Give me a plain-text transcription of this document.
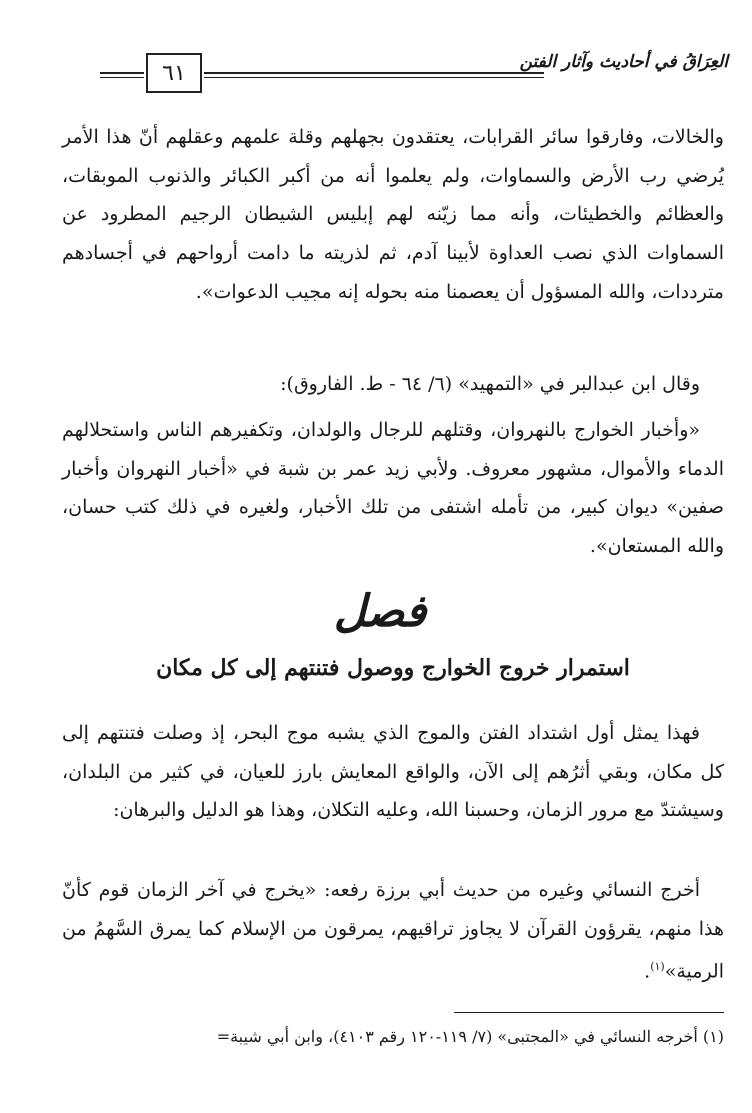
٦١	العِرَاقُ في أحاديث وآثار الفتن

والخالات، وفارقوا سائر القرابات، يعتقدون بجهلهم وقلة علمهم وعقلهم أنّ هذا الأمر يُرضي رب الأرض والسماوات، ولم يعلموا أنه من أكبر الكبائر والذنوب الموبقات، والعظائم والخطيئات، وأنه مما زيّنه لهم إبليس الشيطان الرجيم المطرود عن السماوات الذي نصب العداوة لأبينا آدم، ثم لذريته ما دامت أرواحهم في أجسادهم مترددات، والله المسؤول أن يعصمنا منه بحوله إنه مجيب الدعوات».

وقال ابن عبدالبر في «التمهيد» (٦/ ٦٤ - ط. الفاروق):

«وأخبار الخوارج بالنهروان، وقتلهم للرجال والولدان، وتكفيرهم الناس واستحلالهم الدماء والأموال، مشهور معروف. ولأبي زيد عمر بن شبة في «أخبار النهروان وأخبار صفين» ديوان كبير، من تأمله اشتفى من تلك الأخبار، ولغيره في ذلك كتب حسان، والله المستعان».

فصل
استمرار خروج الخوارج ووصول فتنتهم إلى كل مكان

فهذا يمثل أول اشتداد الفتن والموج الذي يشبه موج البحر، إذ وصلت فتنتهم إلى كل مكان، وبقي أثرُهم إلى الآن، والواقع المعايش بارز للعيان، في كثير من البلدان، وسيشتدّ مع مرور الزمان، وحسبنا الله، وعليه التكلان، وهذا هو الدليل والبرهان:

أخرج النسائي وغيره من حديث أبي برزة رفعه: «يخرج في آخر الزمان قوم كأنّ هذا منهم، يقرؤون القرآن لا يجاوز تراقيهم، يمرقون من الإسلام كما يمرق السَّهمُ من الرمية»$^{(١)}$.

(١) أخرجه النسائي في «المجتبى» (٧/ ١١٩-١٢٠ رقم ٤١٠٣)، وابن أبي شيبة=
